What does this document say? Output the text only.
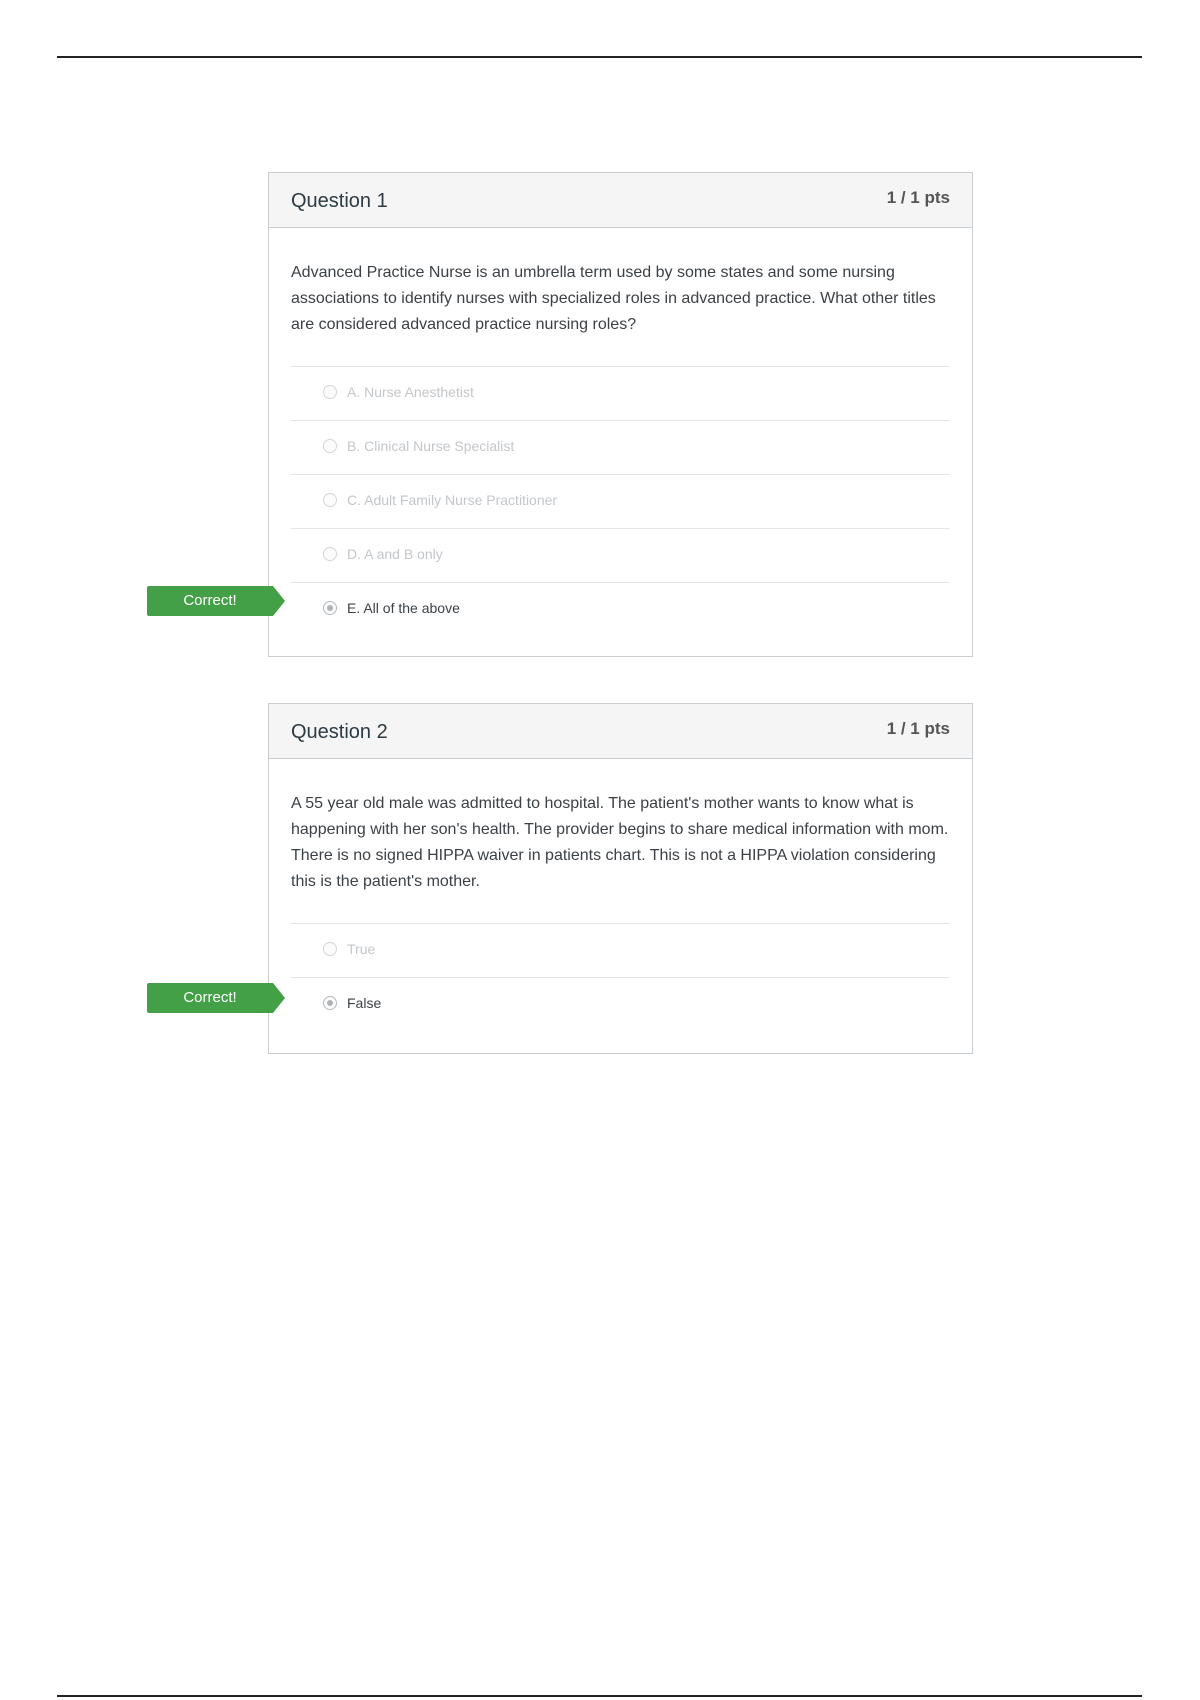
Question 1	1 / 1 pts
Advanced Practice Nurse is an umbrella term used by some states and some nursing associations to identify nurses with specialized roles in advanced practice. What other titles are considered advanced practice nursing roles?
A. Nurse Anesthetist
B. Clinical Nurse Specialist
C. Adult Family Nurse Practitioner
D. A and B only
E. All of the above
Correct!
Question 2	1 / 1 pts
A 55 year old male was admitted to hospital. The patient's mother wants to know what is happening with her son's health. The provider begins to share medical information with mom. There is no signed HIPPA waiver in patients chart. This is not a HIPPA violation considering this is the patient's mother.
True
False
Correct!
